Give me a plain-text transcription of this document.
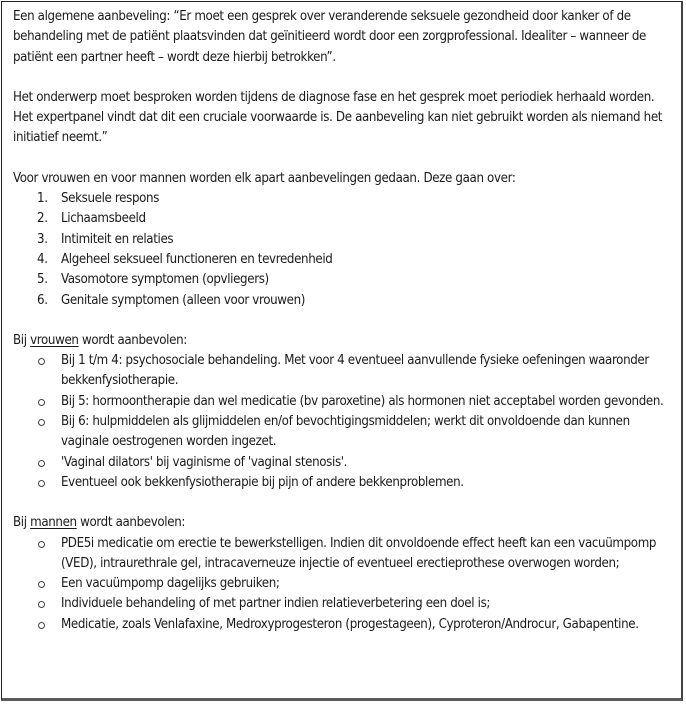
Een algemene aanbeveling: “Er moet een gesprek over veranderende seksuele gezondheid door kanker of de behandeling met de patiënt plaatsvinden dat geïnitieerd wordt door een zorgprofessional. Idealiter – wanneer de patiënt een partner heeft – wordt deze hierbij betrokken”.

Het onderwerp moet besproken worden tijdens de diagnose fase en het gesprek moet periodiek herhaald worden. Het expertpanel vindt dat dit een cruciale voorwaarde is. De aanbeveling kan niet gebruikt worden als niemand het initiatief neemt.”

Voor vrouwen en voor mannen worden elk apart aanbevelingen gedaan. Deze gaan over:

1.	Seksuele respons
2.	Lichaamsbeeld
3.	Intimiteit en relaties
4.	Algeheel seksueel functioneren en tevredenheid
5.	Vasomotore symptomen (opvliegers)
6.	Genitale symptomen (alleen voor vrouwen)

Bij vrouwen wordt aanbevolen:

Bij 1 t/m 4: psychosociale behandeling. Met voor 4 eventueel aanvullende fysieke oefeningen waaronder bekkenfysiotherapie.
Bij 5: hormoontherapie dan wel medicatie (bv paroxetine) als hormonen niet acceptabel worden gevonden.
Bij 6: hulpmiddelen als glijmiddelen en/of bevochtigingsmiddelen; werkt dit onvoldoende dan kunnen vaginale oestrogenen worden ingezet.
'Vaginal dilators' bij vaginisme of 'vaginal stenosis'.
Eventueel ook bekkenfysiotherapie bij pijn of andere bekkenproblemen.

Bij mannen wordt aanbevolen:

PDE5i medicatie om erectie te bewerkstelligen. Indien dit onvoldoende effect heeft kan een vacuümpomp (VED), intraurethrale gel, intracaverneuze injectie of eventueel erectieprothese overwogen worden;
Een vacuümpomp dagelijks gebruiken;
Individuele behandeling of met partner indien relatieverbetering een doel is;
Medicatie, zoals Venlafaxine, Medroxyprogesteron (progestageen), Cyproteron/Androcur, Gabapentine.
